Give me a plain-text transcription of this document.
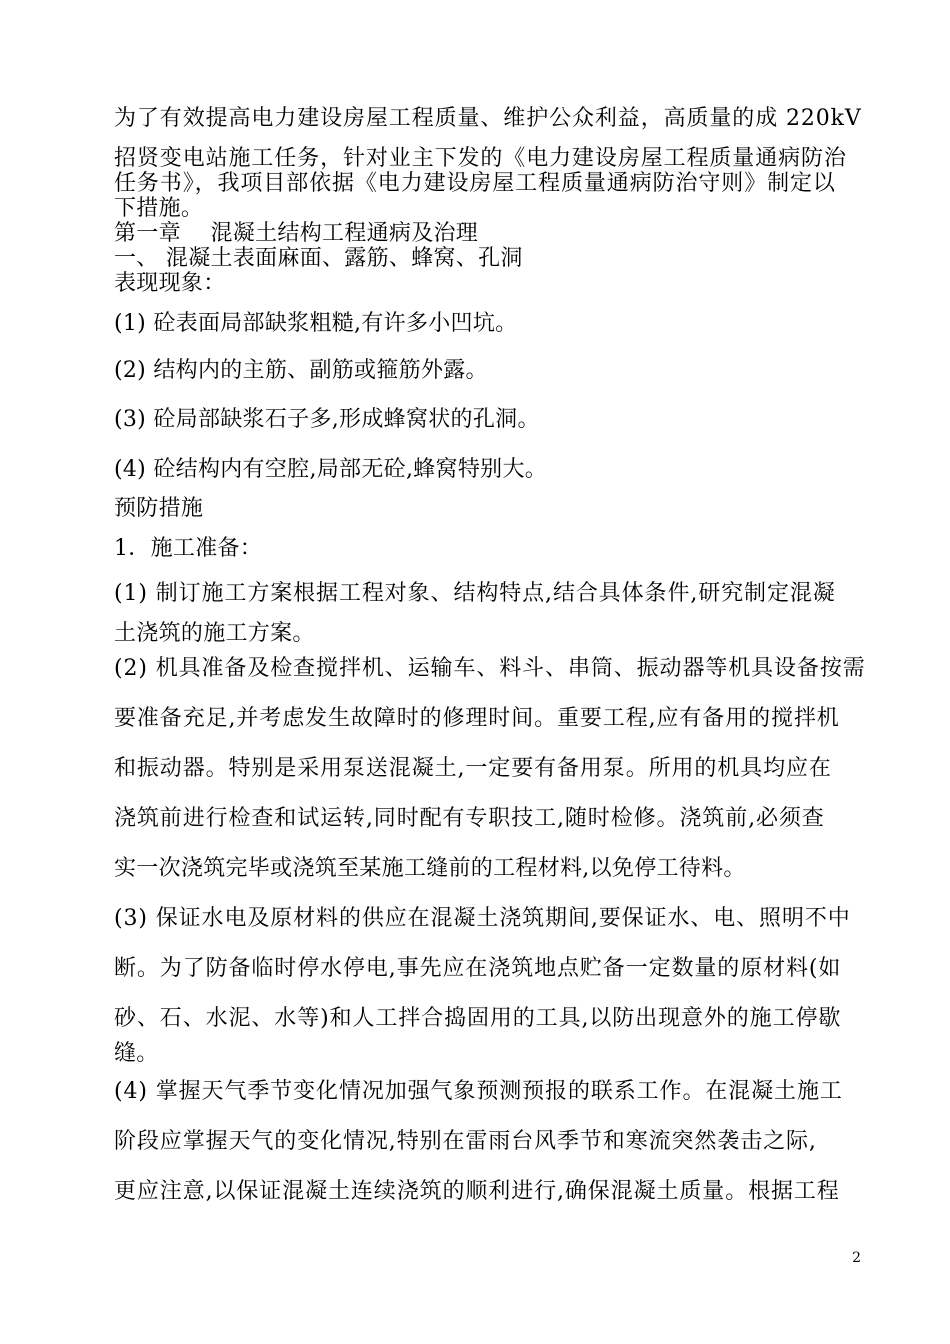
为了有效提高电力建设房屋工程质量、维护公众利益，高质量的成 220kV
招贤变电站施工任务，针对业主下发的《电力建设房屋工程质量通病防治
任务书》，我项目部依据《电力建设房屋工程质量通病防治守则》制定以
下措施。
第一章　 混凝土结构工程通病及治理
一、 混凝土表面麻面、露筋、蜂窝、孔洞
表现现象：
(1) 砼表面局部缺浆粗糙,有许多小凹坑。
(2) 结构内的主筋、副筋或箍筋外露。
(3) 砼局部缺浆石子多,形成蜂窝状的孔洞。
(4) 砼结构内有空腔,局部无砼,蜂窝特别大。
预防措施
1．施工准备：
(1) 制订施工方案根据工程对象、结构特点,结合具体条件,研究制定混凝
土浇筑的施工方案。
(2) 机具准备及检查搅拌机、运输车、料斗、串筒、振动器等机具设备按需
要准备充足,并考虑发生故障时的修理时间。重要工程,应有备用的搅拌机
和振动器。特别是采用泵送混凝土,一定要有备用泵。所用的机具均应在
浇筑前进行检查和试运转,同时配有专职技工,随时检修。浇筑前,必须查
实一次浇筑完毕或浇筑至某施工缝前的工程材料,以免停工待料。
(3) 保证水电及原材料的供应在混凝土浇筑期间,要保证水、电、照明不中
断。为了防备临时停水停电,事先应在浇筑地点贮备一定数量的原材料(如
砂、石、水泥、水等)和人工拌合捣固用的工具,以防出现意外的施工停歇
缝。
(4) 掌握天气季节变化情况加强气象预测预报的联系工作。在混凝土施工
阶段应掌握天气的变化情况,特别在雷雨台风季节和寒流突然袭击之际,
更应注意,以保证混凝土连续浇筑的顺利进行,确保混凝土质量。根据工程
2
